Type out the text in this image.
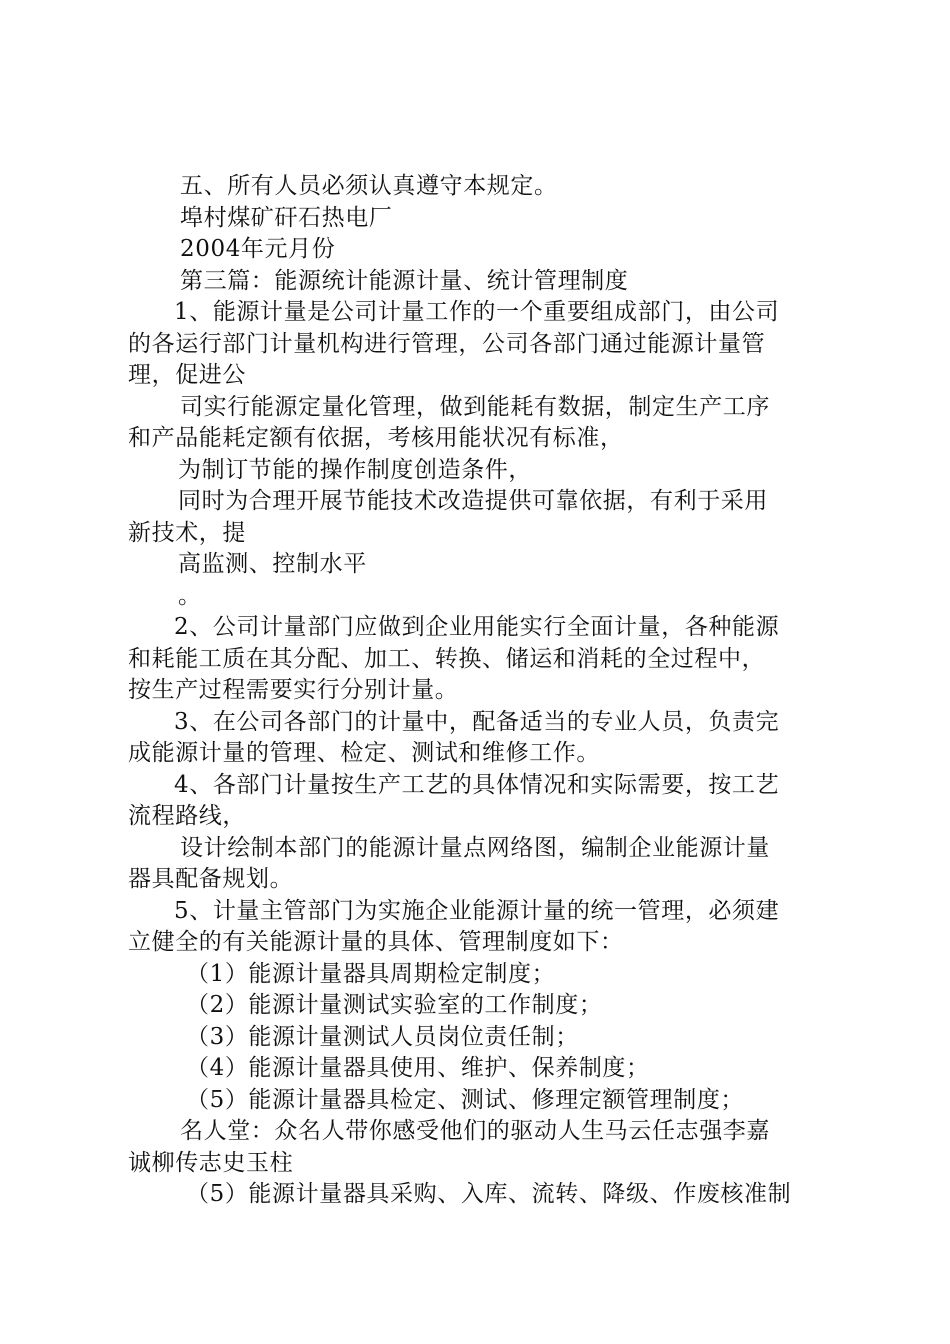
五、所有人员必须认真遵守本规定。
埠村煤矿矸石热电厂
2004年元月份
第三篇：能源统计能源计量、统计管理制度
1、能源计量是公司计量工作的一个重要组成部门，由公司
的各运行部门计量机构进行管理，公司各部门通过能源计量管
理，促进公
司实行能源定量化管理，做到能耗有数据，制定生产工序
和产品能耗定额有依据，考核用能状况有标准，
为制订节能的操作制度创造条件，
同时为合理开展节能技术改造提供可靠依据，有利于采用
新技术，提
高监测、控制水平
。
2、公司计量部门应做到企业用能实行全面计量，各种能源
和耗能工质在其分配、加工、转换、储运和消耗的全过程中，
按生产过程需要实行分别计量。
3、在公司各部门的计量中，配备适当的专业人员，负责完
成能源计量的管理、检定、测试和维修工作。
4、各部门计量按生产工艺的具体情况和实际需要，按工艺
流程路线，
设计绘制本部门的能源计量点网络图，编制企业能源计量
器具配备规划。
5、计量主管部门为实施企业能源计量的统一管理，必须建
立健全的有关能源计量的具体、管理制度如下：
（1）能源计量器具周期检定制度；
（2）能源计量测试实验室的工作制度；
（3）能源计量测试人员岗位责任制；
（4）能源计量器具使用、维护、保养制度；
（5）能源计量器具检定、测试、修理定额管理制度；
名人堂：众名人带你感受他们的驱动人生马云任志强李嘉
诚柳传志史玉柱
（5）能源计量器具采购、入库、流转、降级、作废核准制
